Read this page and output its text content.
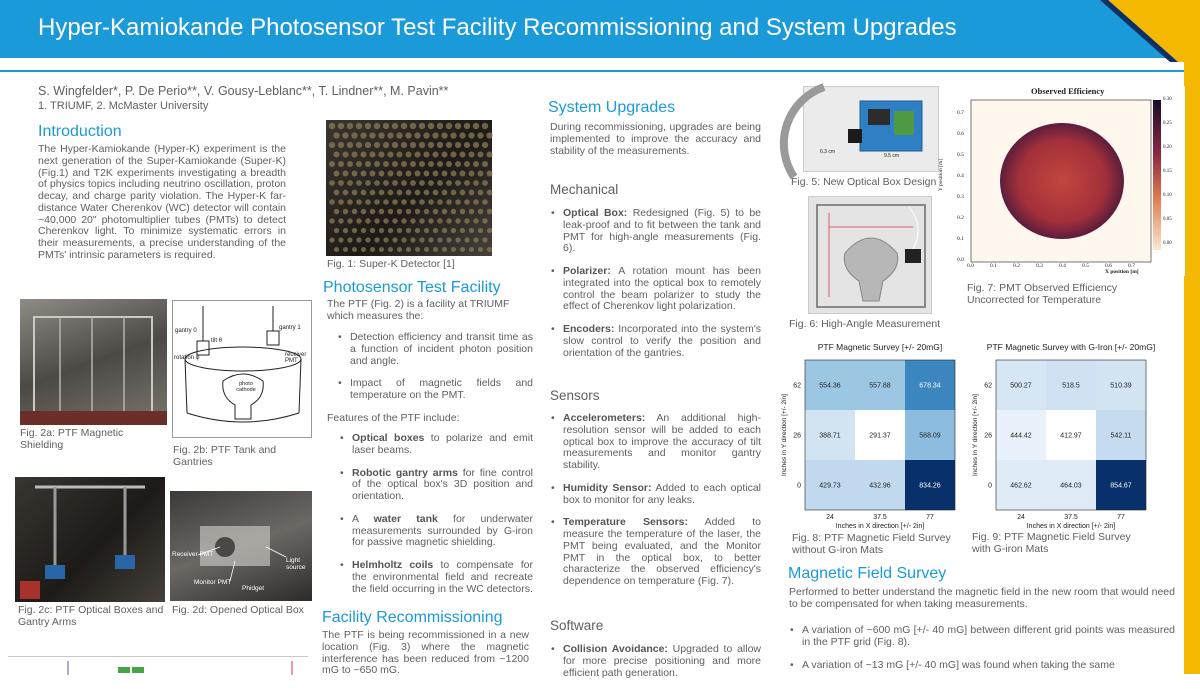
Hyper-Kamiokande Photosensor Test Facility Recommissioning and System Upgrades
S. Wingfelder*, P. De Perio**, V. Gousy-Leblanc**, T. Lindner**, M. Pavin**
1. TRIUMF, 2. McMaster University
Introduction
The Hyper-Kamiokande (Hyper-K) experiment is the next generation of the Super-Kamiokande (Super-K) (Fig.1) and T2K experiments investigating a breadth of physics topics including neutrino oscillation, proton decay, and charge parity violation. The Hyper-K far-distance Water Cherenkov (WC) detector will contain ~40,000 20" photomultiplier tubes (PMTs) to detect Cherenkov light. To minimize systematic errors in their measurements, a precise understanding of the PMTs' intrinsic parameters is required.
Fig. 1: Super-K Detector [1]
Photosensor Test Facility
The PTF (Fig. 2) is a facility at TRIUMF which measures the:
• Detection efficiency and transit time as a function of incident photon position and angle.
• Impact of magnetic fields and temperature on the PMT.
Features of the PTF include:
• Optical boxes to polarize and emit laser beams.
• Robotic gantry arms for fine control of the optical box's 3D position and orientation.
• A water tank for underwater measurements surrounded by G-iron for passive magnetic shielding.
• Helmholtz coils to compensate for the environmental field and recreate the field occurring in the WC detectors.
Facility Recommissioning
The PTF is being recommissioned in a new location (Fig. 3) where the magnetic interference has been reduced from ~1200 mG to ~650 mG.
Fig. 2a: PTF Magnetic Shielding
gantry 0	gantry 1
rotation φ
tilt θ
receiver PMT
photo cathode
Fig. 2b: PTF Tank and Gantries
Fig. 2c: PTF Optical Boxes and Gantry Arms
Receiver PMT
Monitor PMT
Light source
Phidget
Fig. 2d: Opened Optical Box
System Upgrades
During recommissioning, upgrades are being implemented to improve the accuracy and stability of the measurements.
Mechanical
• Optical Box: Redesigned (Fig. 5) to be leak-proof and to fit between the tank and PMT for high-angle measurements (Fig. 6).
• Polarizer: A rotation mount has been integrated into the optical box to remotely control the beam polarizer to study the effect of Cherenkov light polarization.
• Encoders: Incorporated into the system's slow control to verify the position and orientation of the gantries.
Sensors
• Accelerometers: An additional high-resolution sensor will be added to each optical box to improve the accuracy of tilt measurements and monitor gantry stability.
• Humidity Sensor: Added to each optical box to monitor for any leaks.
• Temperature Sensors: Added to measure the temperature of the laser, the PMT being evaluated, and the Monitor PMT in the optical box, to better characterize the observed efficiency's dependence on temperature (Fig. 7).
Software
• Collision Avoidance: Upgraded to allow for more precise positioning and more efficient path generation.
6.3 cm
9.5 cm
Fig. 5: New Optical Box Design
Fig. 6: High-Angle Measurement
Observed Efficiency
Y position [m]
X position [m]
0.0	0.1	0.2	0.3	0.4	0.5	0.6	0.7
0.0
0.1
0.2
0.3
0.4
0.5
0.6
0.7
0.30
0.25
0.20
0.15
0.10
0.05
0.00
Fig. 7: PMT Observed Efficiency Uncorrected for Temperature
PTF Magnetic Survey [+/- 20mG]
554.36	557.88	678.34
388.71	291.37	588.09
429.73	432.96	834.26
24	37.5	77
62
26
0
Inches in X direction [+/- 2in]
Inches in Y direction [+/- 2in]
Fig. 8: PTF Magnetic Field Survey without G-iron Mats
PTF Magnetic Survey with G-Iron [+/- 20mG]
500.27	518.5	510.39
444.42	412.97	542.11
462.62	464.03	854.67
24	37.5	77
62
26
0
Inches in X direction [+/- 2in]
Inches in Y direction [+/- 2in]
Fig. 9: PTF Magnetic Field Survey with G-iron Mats
Magnetic Field Survey
Performed to better understand the magnetic field in the new room that would need to be compensated for when taking measurements.
• A variation of ~600 mG [+/- 40 mG] between different grid points was measured in the PTF grid (Fig. 8).
• A variation of ~13 mG [+/- 40 mG] was found when taking the same
